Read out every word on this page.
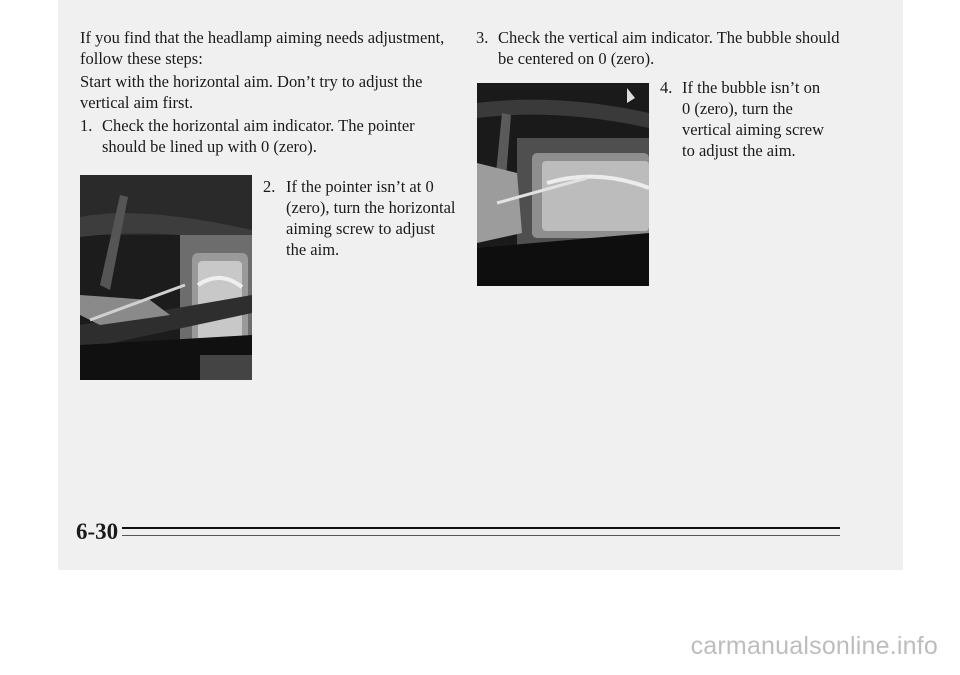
If you find that the headlamp aiming needs adjustment, follow these steps:

Start with the horizontal aim. Don’t try to adjust the vertical aim first.

1. Check the horizontal aim indicator. The pointer should be lined up with 0 (zero).

2. If the pointer isn’t at 0 (zero), turn the horizontal aiming screw to adjust the aim.

3. Check the vertical aim indicator. The bubble should be centered on 0 (zero).

4. If the bubble isn’t on 0 (zero), turn the vertical aiming screw to adjust the aim.

6-30
carmanualsonline.info
